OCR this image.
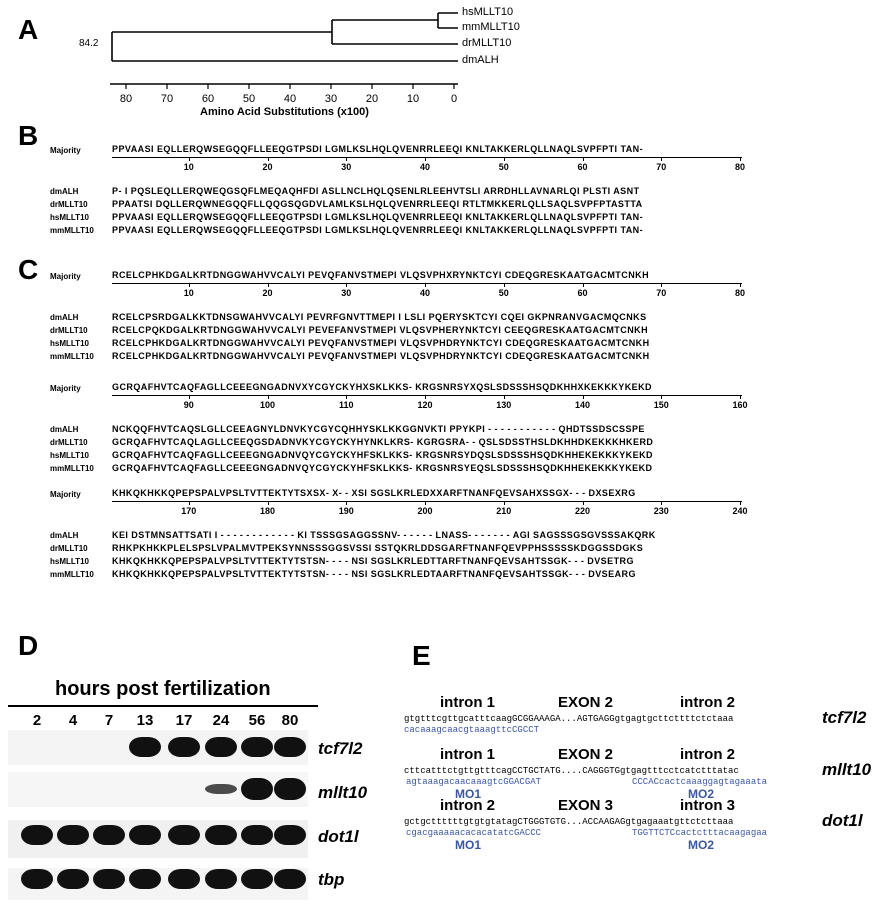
A
B
C
D	E
84.2
hsMLLT10
mmMLLT10
drMLLT10
dmALH
Amino Acid Substitutions (x100)
Majority	PPVAASI EQLLERQWSEGQQFLLEEQGTPSDI LGMLKSLHQLQVENRRLEEQI KNLTAKKERLQLLNAQLSVPFPTI TAN-
hours post fertilization
tcf7l2
mllt10
dot1l
tbp
80	70	60	50	40	30	20	10	0
10	20	30	40	50	60	70	80
dmALH	P- I PQSLEQLLERQWEQGSQFLMEQAQHFDI ASLLNCLHQLQSENLRLEEHVTSLI ARRDHLLAVNARLQI PLSTI ASNT
drMLLT10	PPAATSI DQLLERQWNEGQQFLLQQGSQGDVLAMLKSLHQLQVENRRLEEQI RTLTMKKERLQLLSAQLSVPFPTASTTA
hsMLLT10	PPVAASI EQLLERQWSEGQQFLLEEQGTPSDI LGMLKSLHQLQVENRRLEEQI KNLTAKKERLQLLNAQLSVPFPTI TAN-
mmMLLT10 PPVAASI EQLLERQWSEGQQFLLEEQGTPSDI LGMLKSLHQLQVENRRLEEQI KNLTAKKERLQLLNAQLSVPFPTI TAN-
Majority	RCELCPHKDGALKRTDNGGWAHVVCALYI PEVQFANVSTMEPI VLQSVPHXRYNKTCYI CDEQGRESKAATGACMTCNKH
10	20	30	40	50	60	70	80
dmALH	RCELCPSRDGALKKTDNSGWAHVVCALYI PEVRFGNVTTMEPI I LSLI PQERYSKTCYI CQEI GKPNRANVGACMQCNKS
drMLLT10	RCELCPQKDGALKRTDNGGWAHVVCALYI PEVEFANVSTMEPI VLQSVPHERYNKTCYI CEEQGRESKAATGACMTCNKH
hsMLLT10	RCELCPHKDGALKRTDNGGWAHVVCALYI PEVQFANVSTMEPI VLQSVPHDRYNKTCYI CDEQGRESKAATGACMTCNKH
mmMLLT10 RCELCPHKDGALKRTDNGGWAHVVCALYI PEVQFANVSTMEPI VLQSVPHDRYNKTCYI CDEQGRESKAATGACMTCNKH
Majority	GCRQAFHVTCAQFAGLLCEEEGNGADNVXYCGYCKYHXSKLKKS- KRGSNRSYXQSLSDSSSHSQDKHHXKEKKKYKEKD
90	100	110	120	130	140	150	160
dmALH	NCKQQFHVTCAQSLGLLCEEAGNYLDNVKYCGYCQHHYSKLKKGGNVKTI PPYKPI - - - - - - - - - - - QHDTSSDSCSSPE
drMLLT10	GCRQAFHVTCAQLAGLLCEEQGSDADNVKYCGYCKYHYNKLKRS- KGRGSRA- - QSLSDSSTHSLDKHHDKEKKKHKERD
hsMLLT10	GCRQAFHVTCAQFAGLLCEEEGNGADNVQYCGYCKYHFSKLKKS- KRGSNRSYDQSLSDSSSHSQDKHHEKEKKKYKEKD
mmMLLT10 GCRQAFHVTCAQFAGLLCEEEGNGADNVQYCGYCKYHFSKLKKS- KRGSNRSYEQSLSDSSSHSQDKHHEKEKKKYKEKD
Majority	KHKQKHKKQPEPSPALVPSLTVTTEKTYTSXSX- X- - XSI SGSLKRLEDXXARFTNANFQEVSAHXSSGX- - - DXSEXRG
170	180	190	200	210	220	230	240
dmALH	KEI DSTMNSATTSATI I - - - - - - - - - - - - KI TSSSGSAGGSSNV- - - - - - LNASS- - - - - - - AGI SAGSSSGSGVSSSAKQRK
drMLLT10	RHKPKHKKPLELSPSLVPALMVTPEKSYNNSSSGGSVSSI SSTQKRLDDSGARFTNANFQEVPPHSSSSSKDGGSSDGKS
hsMLLT10	KHKQKHKKQPEPSPALVPSLTVTTEKTYTSTSN- - - - NSI SGSLKRLEDTTARFTNANFQEVSAHTSSGK- - - DVSETRG
mmMLLT10 KHKQKHKKQPEPSPALVPSLTVTTEKTYTSTSN- - - - NSI SGSLKRLEDTAARFTNANFQEVSAHTSSGK- - - DVSEARG
2	4	7	13 17 24 56 80
intron 1	EXON 2	intron 2
gtgtttcgttgcatttcaagGCGGAAAGA...AGTGAGGgtgagtgcttcttttctctaaa
cacaaagcaacgtaaagttcCGCCT
tcf7l2
intron 1	EXON 2	intron 2
cttcatttctgttgtttcagCCTGCTATG....CAGGGTGgtgagtttcctcatctttatac
agtaaagacaacaaagtcGGACGAT	CCCACcactcaaaggagtagaaata
MO1	MO2
mllt10
intron 2	EXON 3	intron 3
gctgcttttttgtgtgtatagCTGGGTGTG...ACCAAGAGgtgagaaatgttctcttaaa
cgacgaaaaacacacatatcGACCC	TGGTTCTCcactctttacaagagaa
MO1	MO2
dot1l
